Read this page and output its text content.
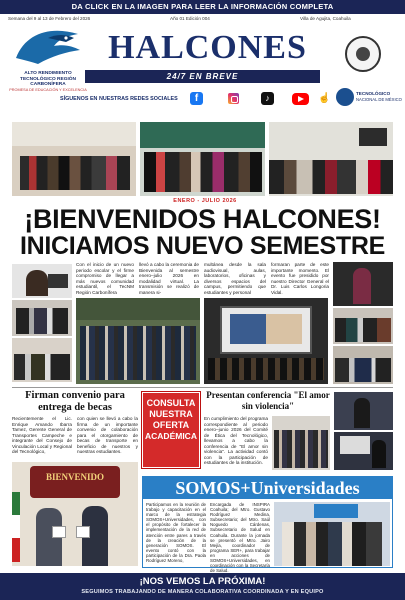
DA CLICK EN LA IMAGEN PARA LEER LA INFORMACIÓN COMPLETA
Semana del 9 al 13 de Febrero del 2026	Año 01 Edición 004	Villa de Agujita, Coahuila
ALTO RENDIMIENTO
TECNOLÓGICO REGIÓN CARBONÍFERA
PROMESA DE EDUCACIÓN Y EXCELENCIA
HALCONES
24/7 EN BREVE
SÍGUENOS EN NUESTRAS REDES SOCIALES	f	♪	☝	TECNOLÓGICO
NACIONAL DE MÉXICO
ENERO - JULIO 2026
¡BIENVENIDOS HALCONES!
INICIAMOS NUEVO SEMESTRE
Con el inicio de un nuevo periodo escolar y el firme compromiso de llegar a más nuevos comunidad estudiantil, el TecNM Región Carbonífera
llevó a cabo la ceremonia de Bienvenida al semestre enero–julio 2026 en modalidad virtual. La transmisión se realizó de manera si-
multánea desde la sala audiovisual, aulas, laboratorios, oficinas y diversos espacios del campus, permitiendo que estudiantes y personal
formaran parte de este importante momento. El evento fue presidido por nuestro Director General el Dr. Luis Carlos Longoria Vidal.
Firman convenio para entrega de becas
Recientemente el Lic. Enrique Amando Ibarra Tamez, Gerente General de Transportes Campeche e integrante del Consejo de Vinculación Local y Regional del Tecnológico,
con quien se llevó a cabo la firma de un importante convenio de colaboración para el otorgamiento de becas de transporte en beneficio de nuestros y nuestras estudiantes.
BIENVENIDO
CONSULTA
NUESTRA
OFERTA
ACADÉMICA
Presentan conferencia "El amor sin violencia"
En cumplimiento del programa correspondiente al periodo enero–junio 2026 del Comité de Ética del Tecnológico, llevamos a cabo la conferencia de "El amor sin violencia". La actividad contó con la participación de estudiantes de la institución.
SOMOS+Universidades
Participamos en la reunión de trabajo y capacitación en el marco de la estrategia SOMOS+Universidades, con el propósito de fortalecer la implementación de la red de atención entre pares a través de la creación de la generación SOMOS. El evento contó con la participación de la Dra. Paola Rodríguez Moreno,
Encargada de INSPIRA Coahuila; del Mtro. Gustavo Rodríguez Medina, Subsecretario; del Mtro. Saúl Noguedo Cárdenas, Subsecretario de Salud en Coahuila. Durante la jornada se presentó el Mtro. Jairo Mejía, coordinador de programa SER+, para trabajar en acciones de SOMOS+Universidades, en coordinación con la Secretaría de Salud.
¡NOS VEMOS LA PRÓXIMA!
SEGUIMOS TRABAJANDO DE MANERA COLABORATIVA COORDINADA Y EN EQUIPO
